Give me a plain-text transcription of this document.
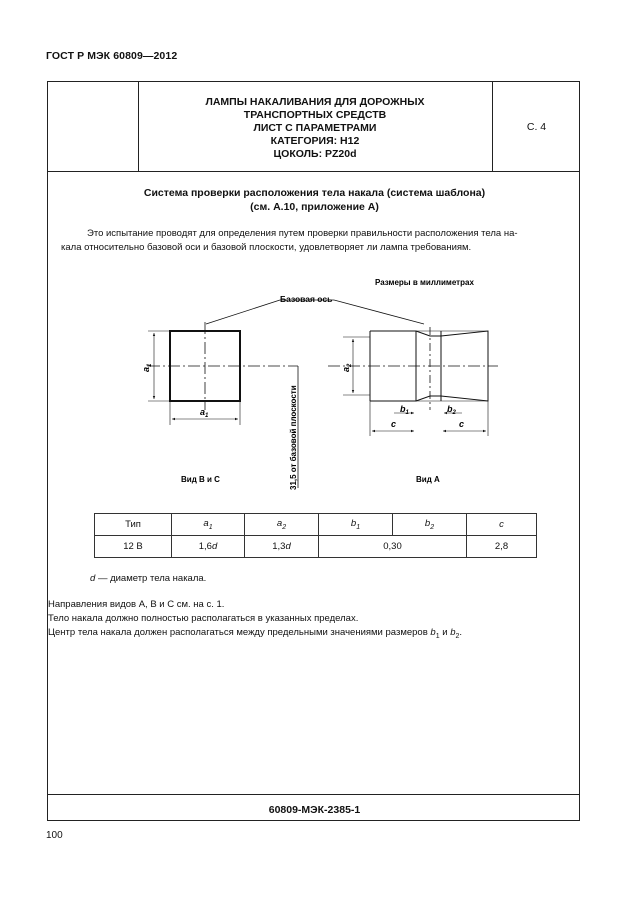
ГОСТ Р МЭК 60809—2012
ЛАМПЫ НАКАЛИВАНИЯ ДЛЯ ДОРОЖНЫХ
ТРАНСПОРТНЫХ СРЕДСТВ
ЛИСТ С ПАРАМЕТРАМИ
КАТЕГОРИЯ: H12
ЦОКОЛЬ: PZ20d
С. 4
Система проверки расположения тела накала (система шаблона)
(см. А.10, приложение А)
Это испытание проводят для определения путем проверки правильности расположения тела на-
кала относительно базовой оси и базовой плоскости, удовлетворяет ли лампа требованиям.
Размеры в миллиметрах
Базовая ось
$a_1$
$a_1$	31,5 от базовой плоскости
$a_2$
$b_1$	$b_2$
c	c
Вид B и C	Вид А
Тип	$a_1$	$a_2$	$b_1$	$b_2$	c
12 В	1,6d	1,3d	0,30		2,8
d — диаметр тела накала.
Направления видов А, В и С см. на с. 1.
Тело накала должно полностью располагаться в указанных пределах.
Центр тела накала должен располагаться между предельными значениями размеров $b_1$ и $b_2$.
60809-МЭК-2385-1
100
